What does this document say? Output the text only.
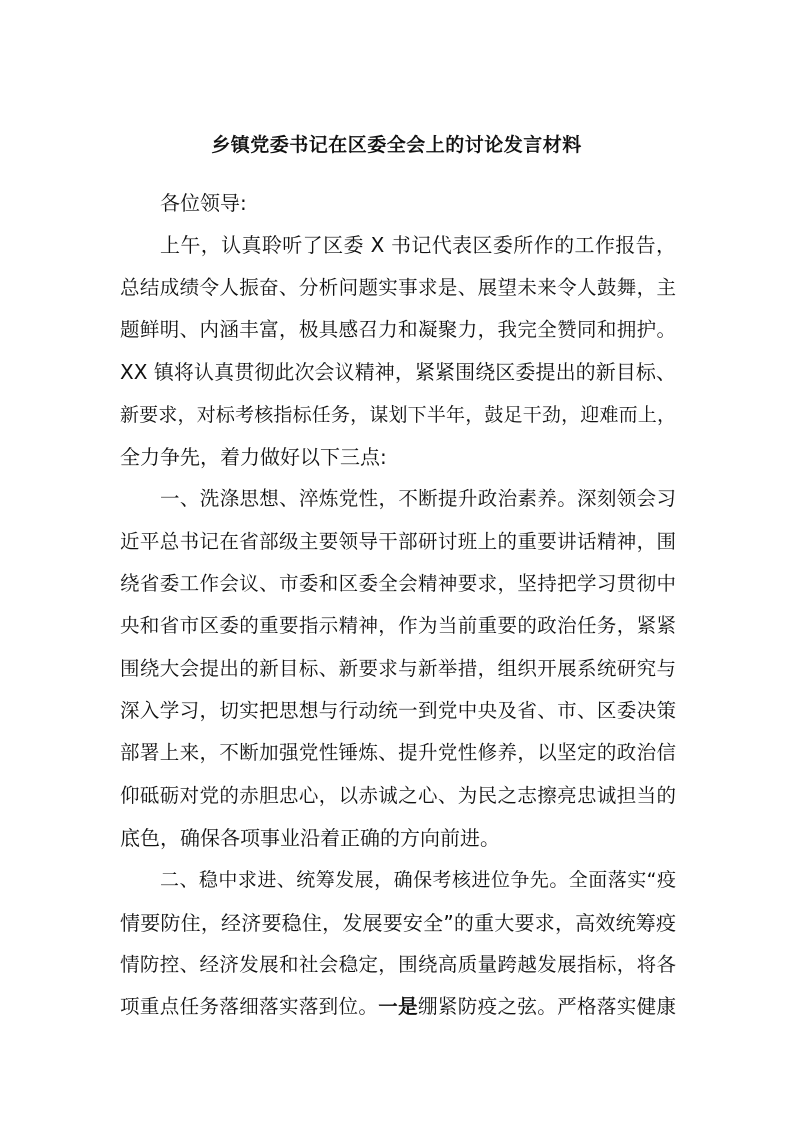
乡镇党委书记在区委全会上的讨论发言材料
各位领导:
上午，认真聆听了区委 X 书记代表区委所作的工作报告，
总结成绩令人振奋、分析问题实事求是、展望未来令人鼓舞，主
题鲜明、内涵丰富，极具感召力和凝聚力，我完全赞同和拥护。
XX 镇将认真贯彻此次会议精神，紧紧围绕区委提出的新目标、
新要求，对标考核指标任务，谋划下半年，鼓足干劲，迎难而上，
全力争先，着力做好以下三点:
一、洗涤思想、淬炼党性，不断提升政治素养。深刻领会习
近平总书记在省部级主要领导干部研讨班上的重要讲话精神，围
绕省委工作会议、市委和区委全会精神要求，坚持把学习贯彻中
央和省市区委的重要指示精神，作为当前重要的政治任务，紧紧
围绕大会提出的新目标、新要求与新举措，组织开展系统研究与
深入学习，切实把思想与行动统一到党中央及省、市、区委决策
部署上来，不断加强党性锤炼、提升党性修养，以坚定的政治信
仰砥砺对党的赤胆忠心，以赤诚之心、为民之志擦亮忠诚担当的
底色，确保各项事业沿着正确的方向前进。
二、稳中求进、统筹发展，确保考核进位争先。全面落实“疫
情要防住，经济要稳住，发展要安全”的重大要求，高效统筹疫
情防控、经济发展和社会稳定，围绕高质量跨越发展指标，将各
项重点任务落细落实落到位。一是绷紧防疫之弦。严格落实健康
